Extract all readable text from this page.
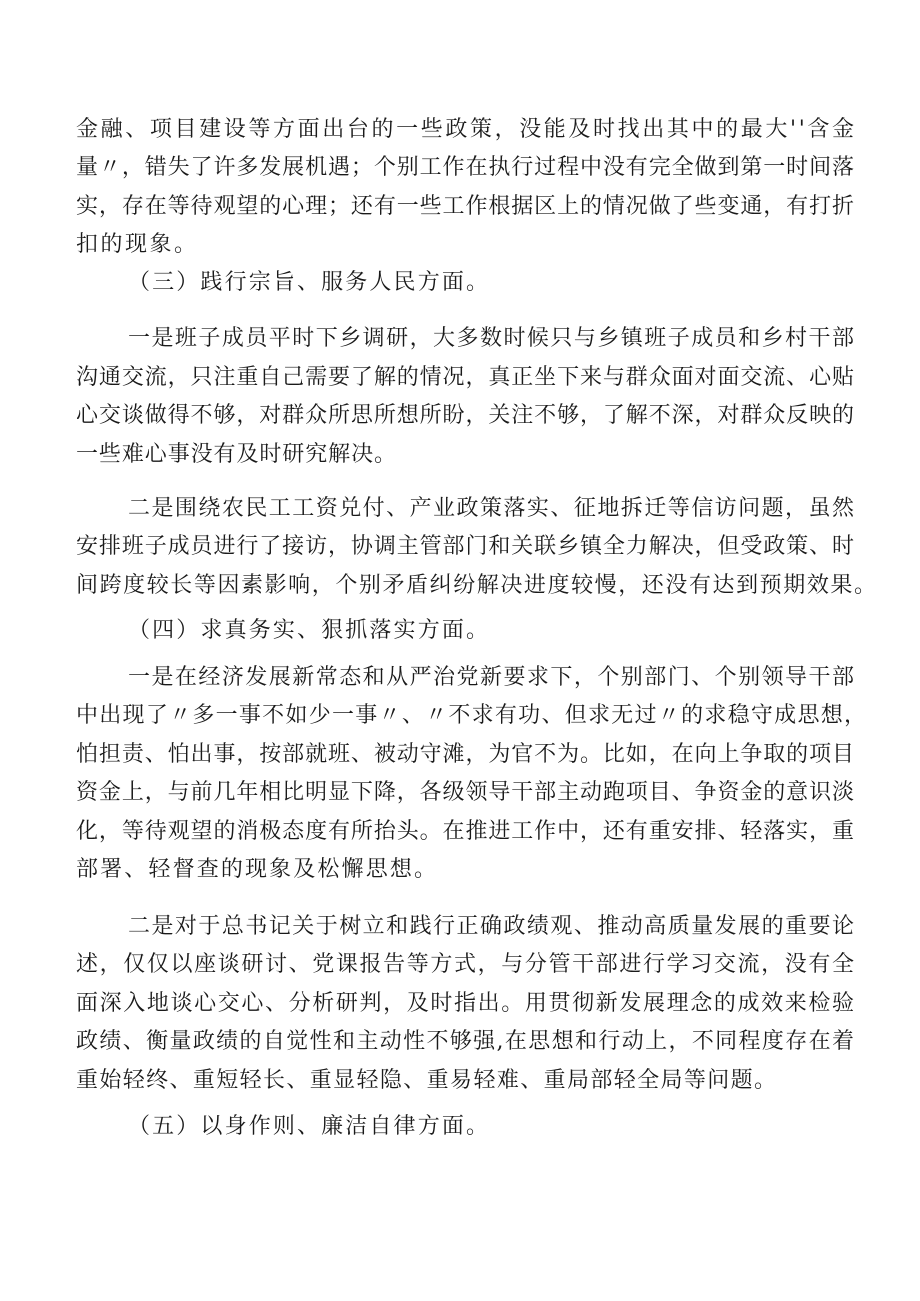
金融、项目建设等方面出台的一些政策，没能及时找出其中的最大''含金
量〃，错失了许多发展机遇；个别工作在执行过程中没有完全做到第一时间落
实，存在等待观望的心理；还有一些工作根据区上的情况做了些变通，有打折
扣的现象。
（三）践行宗旨、服务人民方面。
一是班子成员平时下乡调研，大多数时候只与乡镇班子成员和乡村干部
沟通交流，只注重自己需要了解的情况，真正坐下来与群众面对面交流、心贴
心交谈做得不够，对群众所思所想所盼，关注不够，了解不深，对群众反映的
一些难心事没有及时研究解决。
二是围绕农民工工资兑付、产业政策落实、征地拆迁等信访问题，虽然
安排班子成员进行了接访，协调主管部门和关联乡镇全力解决，但受政策、时
间跨度较长等因素影响，个别矛盾纠纷解决进度较慢，还没有达到预期效果。
（四）求真务实、狠抓落实方面。
一是在经济发展新常态和从严治党新要求下，个别部门、个别领导干部
中出现了〃多一事不如少一事〃、〃不求有功、但求无过〃的求稳守成思想，
怕担责、怕出事，按部就班、被动守滩，为官不为。比如，在向上争取的项目
资金上，与前几年相比明显下降，各级领导干部主动跑项目、争资金的意识淡
化，等待观望的消极态度有所抬头。在推进工作中，还有重安排、轻落实，重
部署、轻督查的现象及松懈思想。
二是对于总书记关于树立和践行正确政绩观、推动高质量发展的重要论
述，仅仅以座谈研讨、党课报告等方式，与分管干部进行学习交流，没有全
面深入地谈心交心、分析研判，及时指出。用贯彻新发展理念的成效来检验
政绩、衡量政绩的自觉性和主动性不够强,在思想和行动上，不同程度存在着
重始轻终、重短轻长、重显轻隐、重易轻难、重局部轻全局等问题。
（五）以身作则、廉洁自律方面。
